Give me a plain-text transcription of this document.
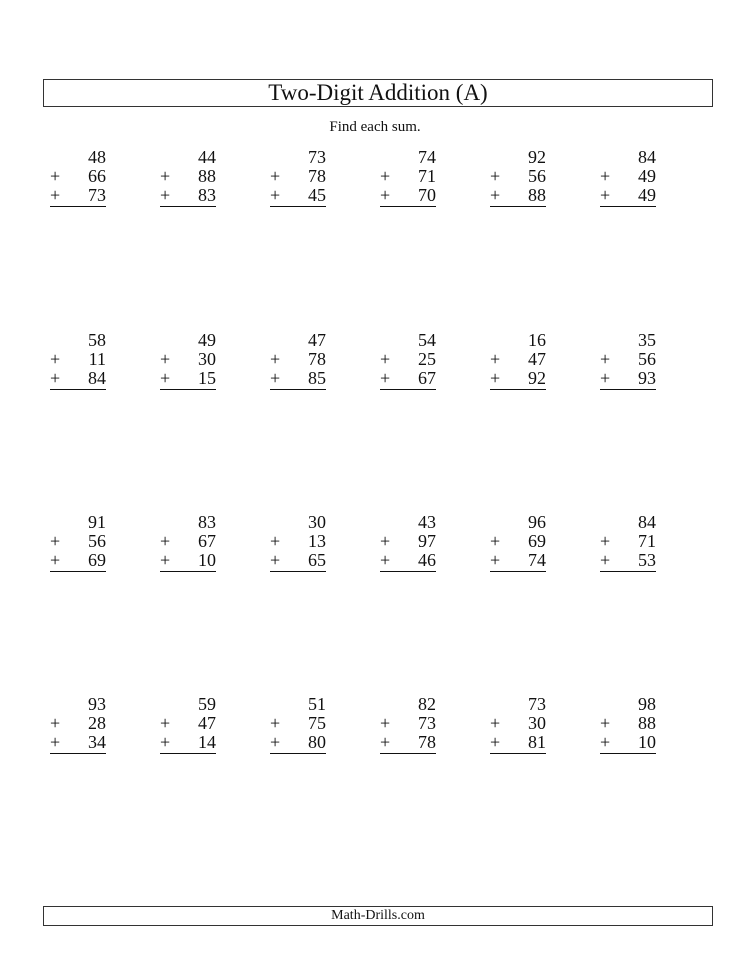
Two-Digit Addition (A)
Find each sum.
48
+ 66
+ 73
44
+ 88
+ 83
73
+ 78
+ 45
74
+ 71
+ 70
92
+ 56
+ 88
84
+ 49
+ 49
58
+ 11
+ 84
49
+ 30
+ 15
47
+ 78
+ 85
54
+ 25
+ 67
16
+ 47
+ 92
35
+ 56
+ 93
91
+ 56
+ 69
83
+ 67
+ 10
30
+ 13
+ 65
43
+ 97
+ 46
96
+ 69
+ 74
84
+ 71
+ 53
93
+ 28
+ 34
59
+ 47
+ 14
51
+ 75
+ 80
82
+ 73
+ 78
73
+ 30
+ 81
98
+ 88
+ 10
Math-Drills.com
